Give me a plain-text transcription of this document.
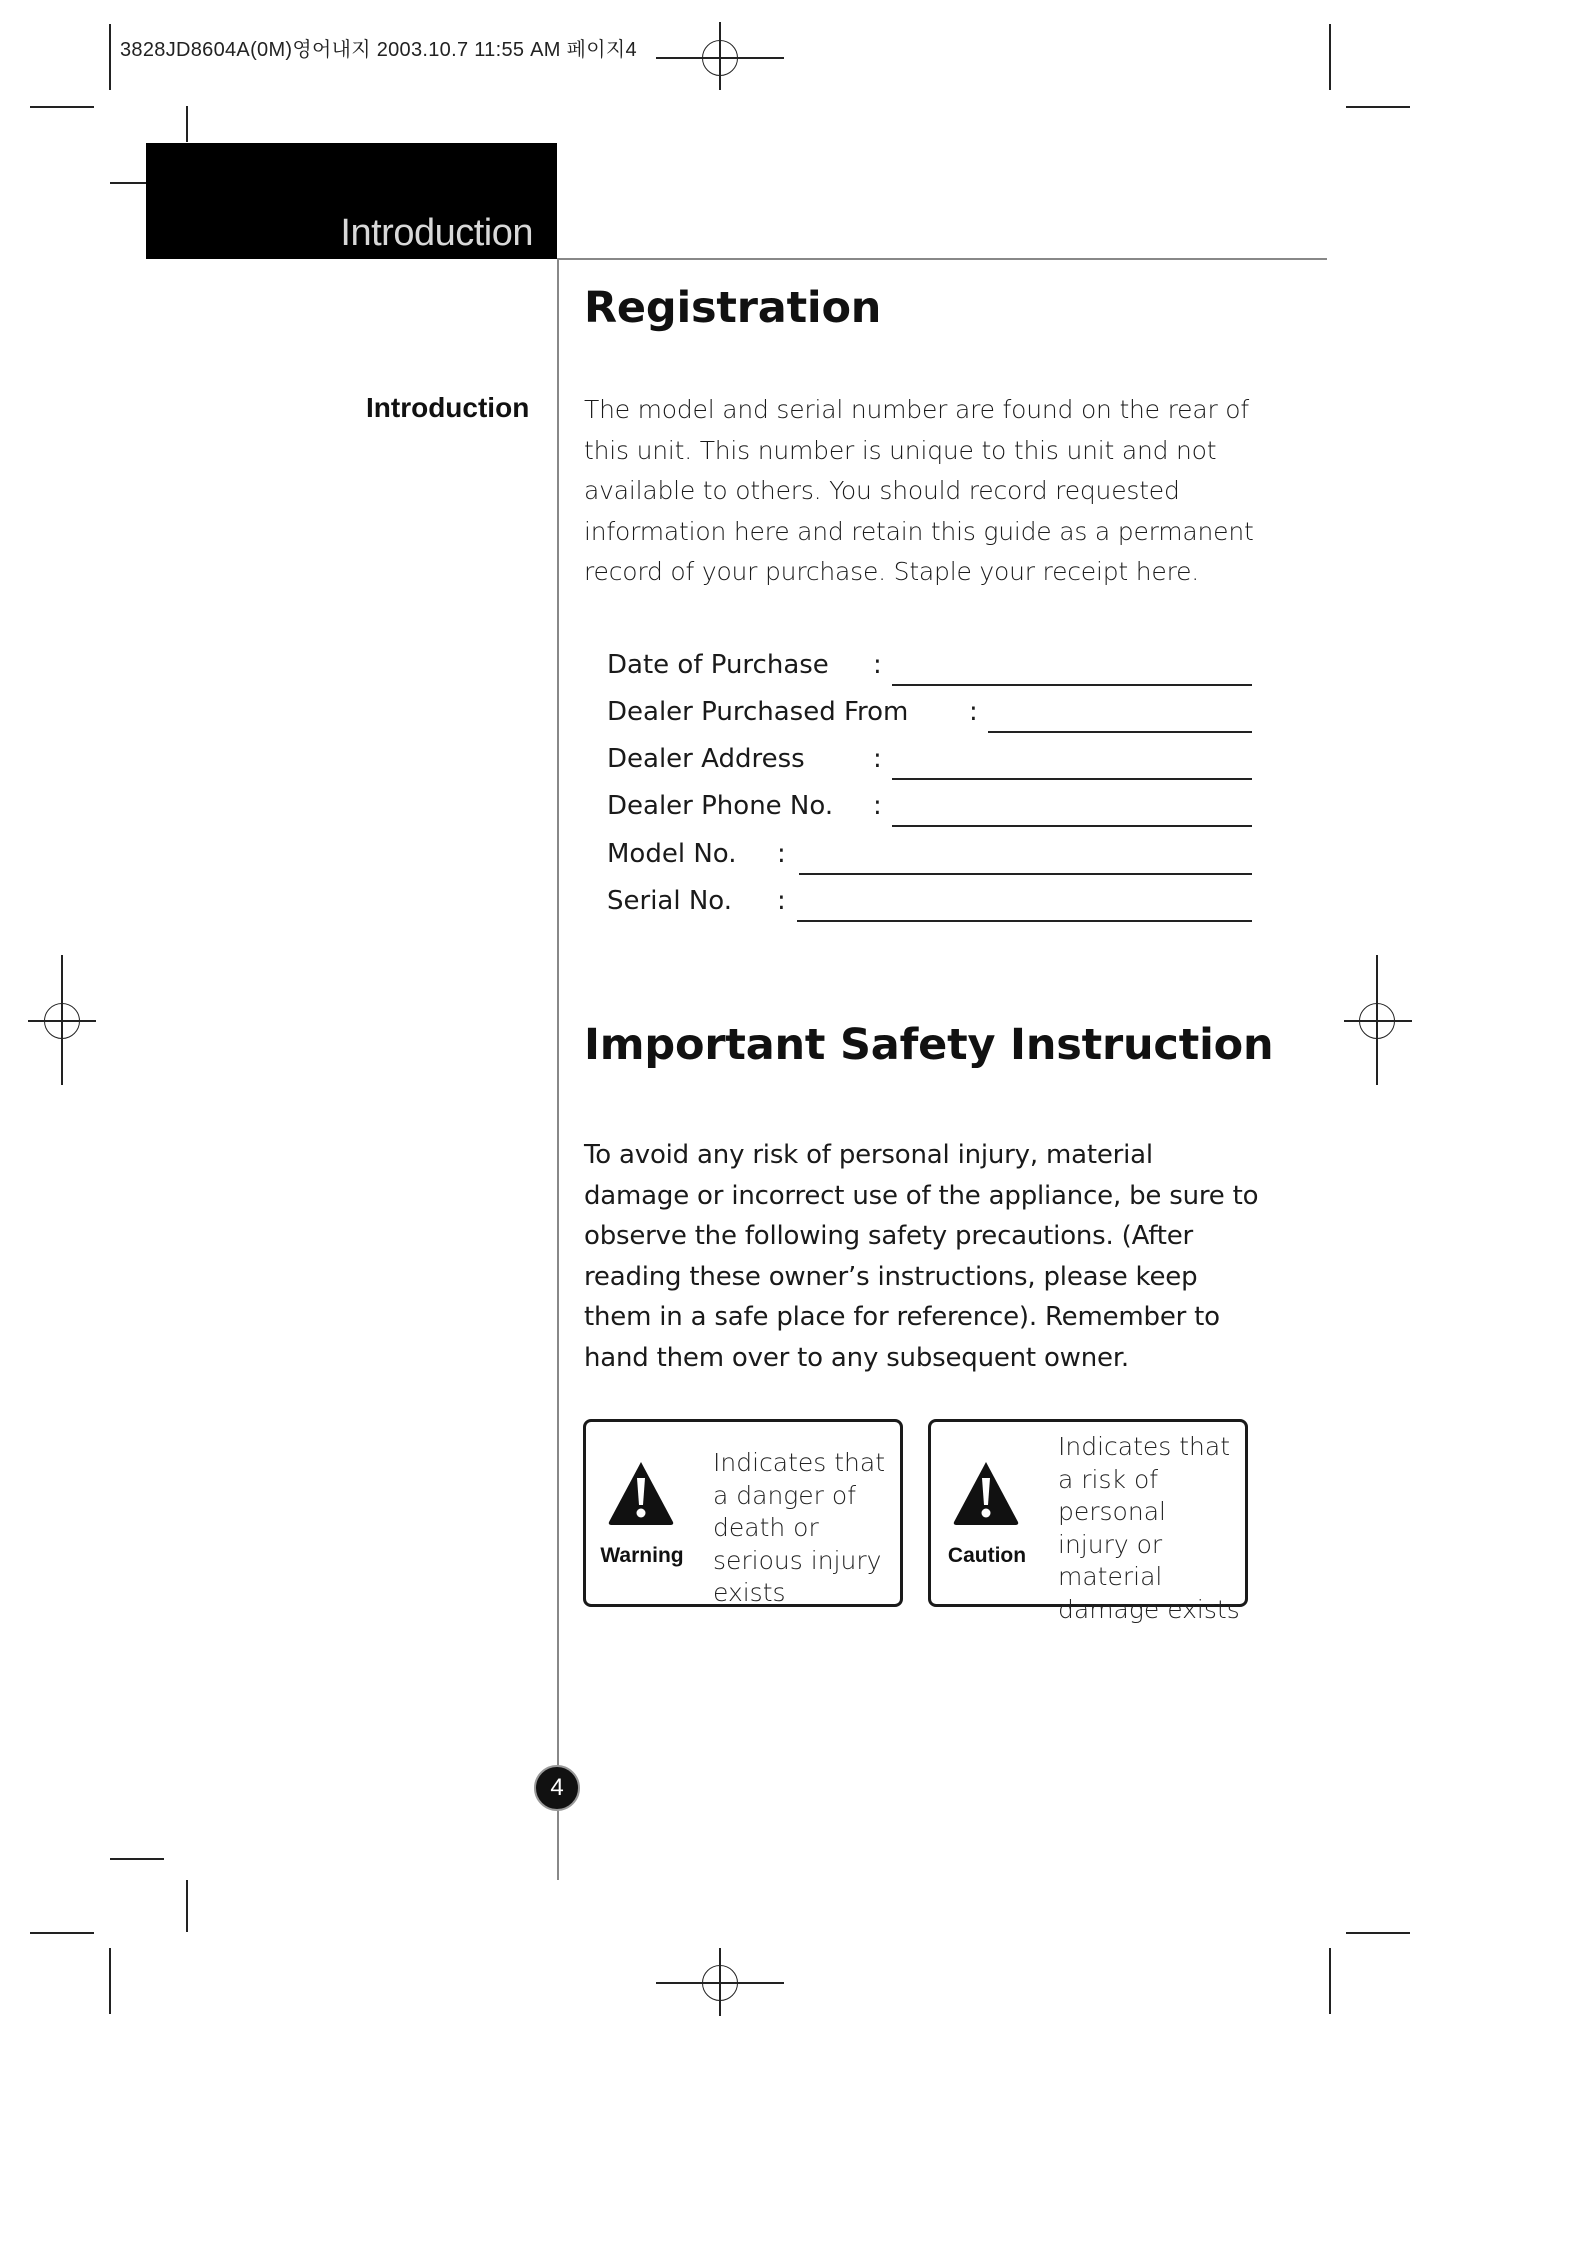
3828JD8604A(0M)영어내지 2003.10.7 11:55 AM 페이지4
Introduction
Introduction
Registration
The model and serial number are found on the rear of this unit. This number is unique to this unit and not available to others. You should record requested information here and retain this guide as a permanent record of your purchase. Staple your receipt here.
Date of Purchase :
Dealer Purchased From :
Dealer Address	:
Dealer Phone No. :
Model No. :
Serial No. :
Important Safety Instruction
To avoid any risk of personal injury, material damage or incorrect use of the appliance, be sure to observe the following safety precautions. (After reading these owner’s instructions, please keep them in a safe place for reference). Remember to hand them over to any subsequent owner.
Warning
Indicates that a danger of death or serious injury exists
Caution
Indicates that a risk of personal injury or material damage exists
4
